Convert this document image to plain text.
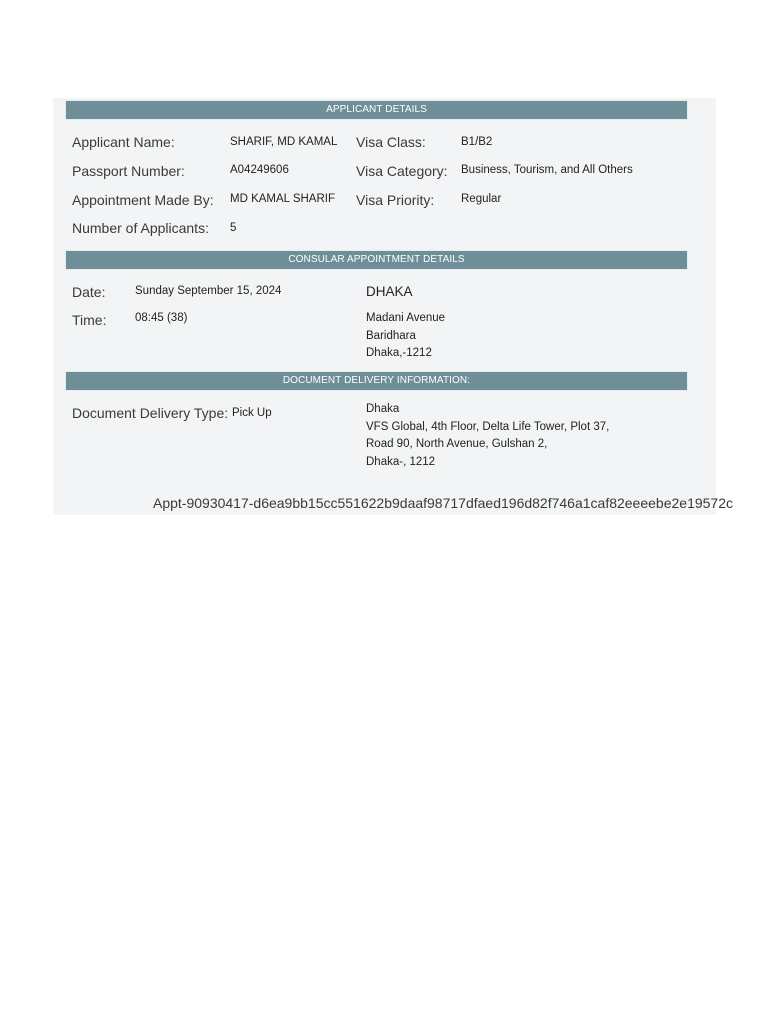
APPLICANT DETAILS
Applicant Name:	SHARIF, MD KAMAL
Passport Number:	A04249606
Appointment Made By: MD KAMAL SHARIF
Number of Applicants: 5
Visa Class:	B1/B2
Visa Category: Business, Tourism, and All Others
Visa Priority: Regular
CONSULAR APPOINTMENT DETAILS
Date:	Sunday September 15, 2024
Time: 08:45 (38)
DHAKA
Madani Avenue
Baridhara
Dhaka,-1212
DOCUMENT DELIVERY INFORMATION:
Document Delivery Type: Pick Up	Dhaka
VFS Global, 4th Floor, Delta Life Tower, Plot 37,
Road 90, North Avenue, Gulshan 2,
Dhaka-, 1212
Appt-90930417-d6ea9bb15cc551622b9daaf98717dfaed196d82f746a1caf82eeeebe2e19572c
